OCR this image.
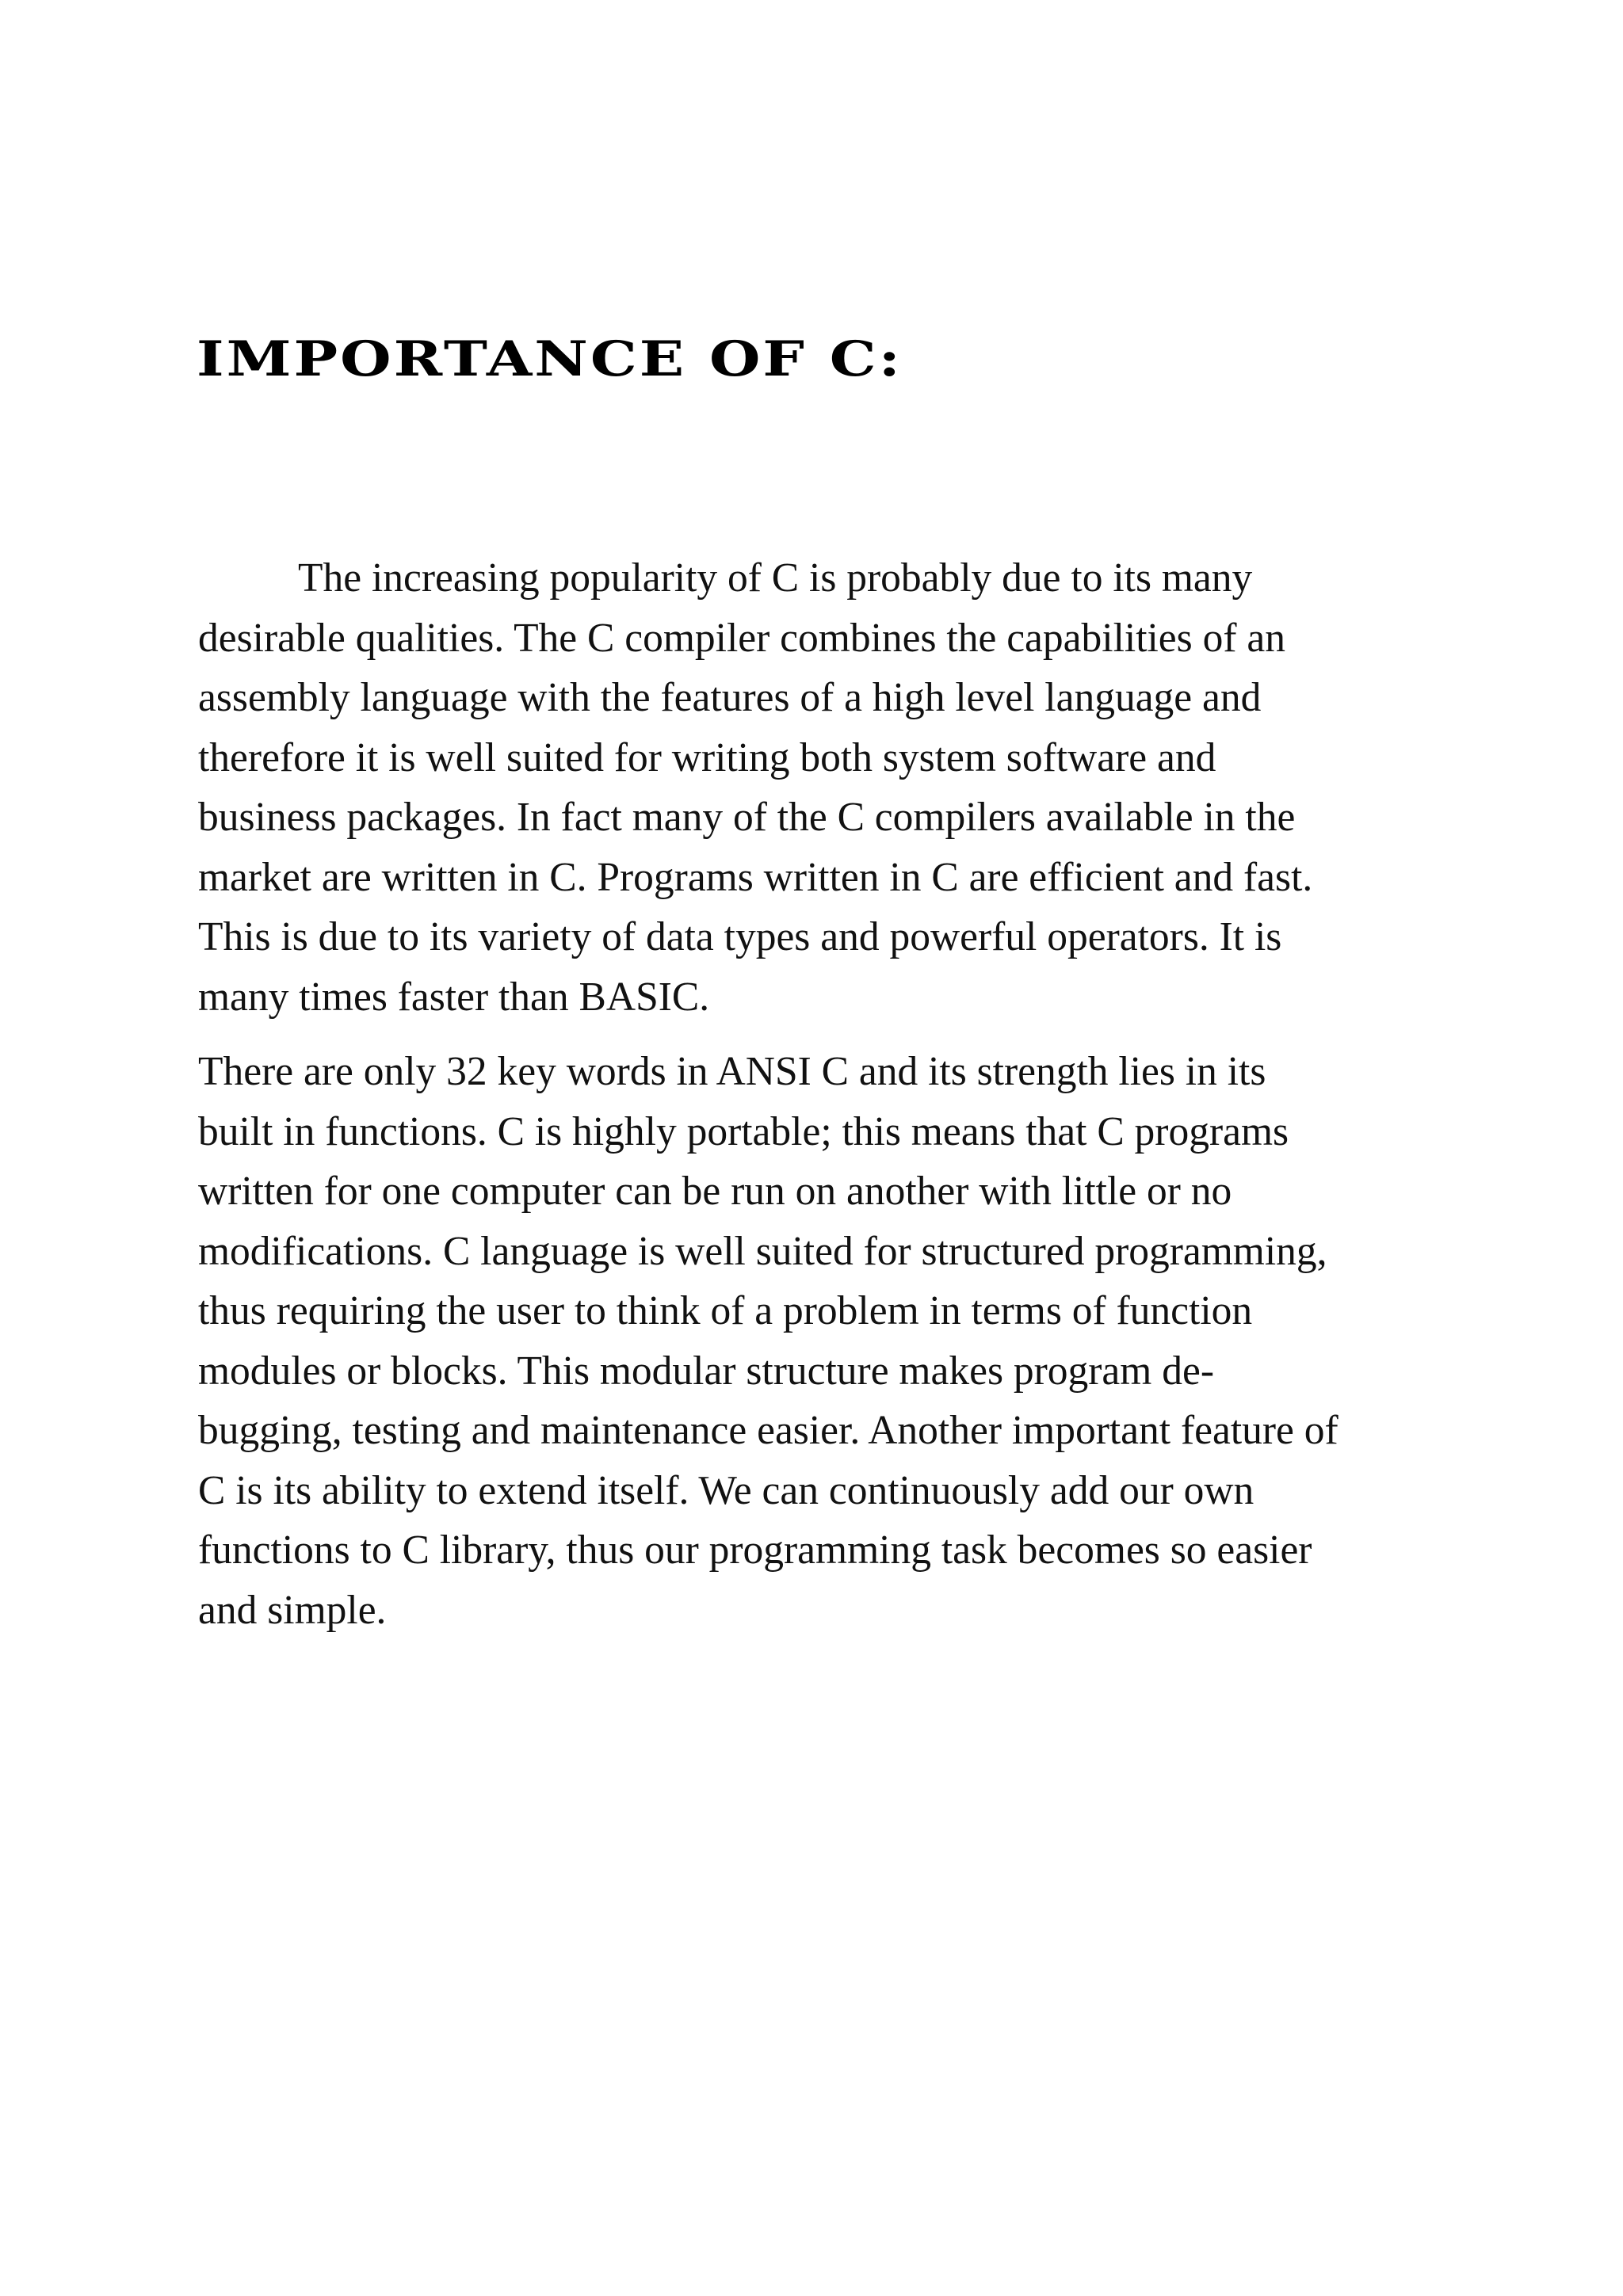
IMPORTANCE OF C:

The increasing popularity of C is probably due to its many
desirable qualities. The C compiler combines the capabilities of an
assembly language with the features of a high level language and
therefore it is well suited for writing both system software and
business packages. In fact many of the C compilers available in the
market are written in C. Programs written in C are efficient and fast.
This is due to its variety of data types and powerful operators. It is
many times faster than BASIC.

There are only 32 key words in ANSI C and its strength lies in its
built in functions. C is highly portable; this means that C programs
written for one computer can be run on another with little or no
modifications. C language is well suited for structured programming,
thus requiring the user to think of a problem in terms of function
modules or blocks. This modular structure makes program de-
bugging, testing and maintenance easier. Another important feature of
C is its ability to extend itself. We can continuously add our own
functions to C library, thus our programming task becomes so easier
and simple.
